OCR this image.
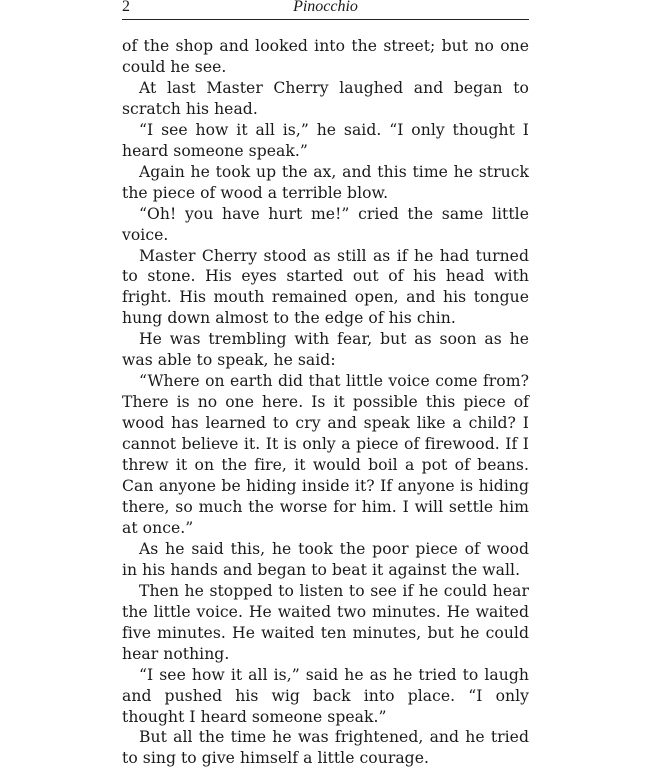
2	Pinocchio

of the shop and looked into the street; but no one could he see.

At last Master Cherry laughed and began to scratch his head.

“I see how it all is,” he said. “I only thought I heard someone speak.”

Again he took up the ax, and this time he struck the piece of wood a terrible blow.

“Oh! you have hurt me!” cried the same little voice.

Master Cherry stood as still as if he had turned to stone. His eyes started out of his head with fright. His mouth remained open, and his tongue hung down almost to the edge of his chin.

He was trembling with fear, but as soon as he was able to speak, he said:

“Where on earth did that little voice come from? There is no one here. Is it possible this piece of wood has learned to cry and speak like a child? I cannot believe it. It is only a piece of firewood. If I threw it on the fire, it would boil a pot of beans. Can anyone be hiding inside it? If anyone is hiding there, so much the worse for him. I will settle him at once.”

As he said this, he took the poor piece of wood in his hands and began to beat it against the wall.

Then he stopped to listen to see if he could hear the little voice. He waited two minutes. He waited five minutes. He waited ten minutes, but he could hear nothing.

“I see how it all is,” said he as he tried to laugh and pushed his wig back into place. “I only thought I heard someone speak.”

But all the time he was frightened, and he tried to sing to give himself a little courage.
